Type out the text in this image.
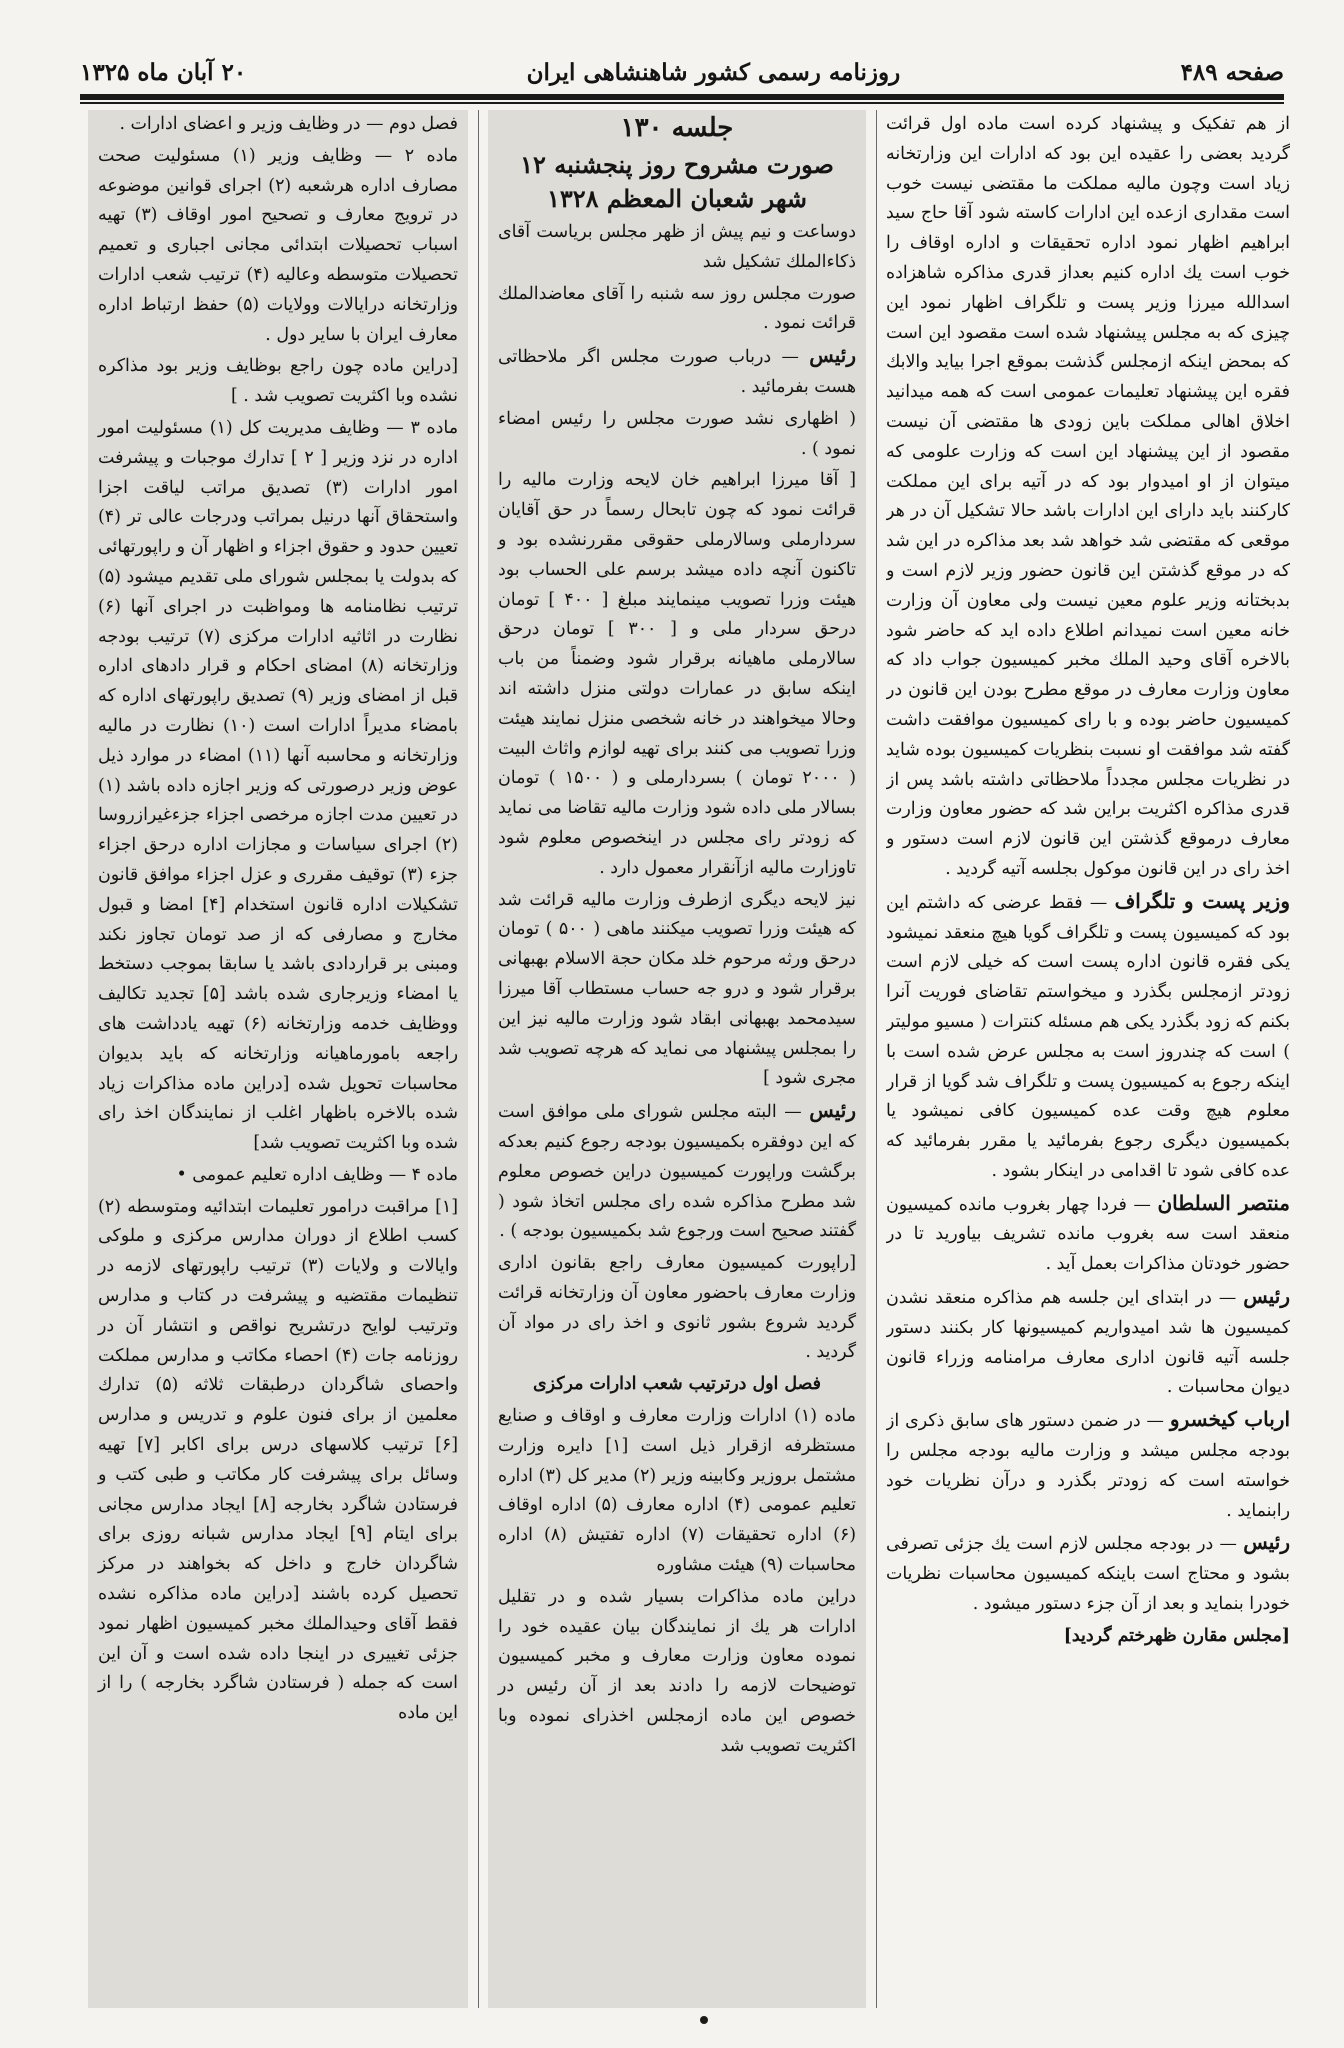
صفحه ۴۸۹
روزنامه رسمی کشور شاهنشاهی ایران
۲۰ آبان ماه ۱۳۲۵

از هم تفکیک و پیشنهاد کرده است ماده اول قرائت گردید بعضی را عقیده این بود که ادارات این وزارتخانه زیاد است وچون مالیه مملکت ما مقتضی نیست خوب است مقداری ازعده این ادارات کاسته شود آقا حاج سید ابراهیم اظهار نمود اداره تحقیقات و اداره اوقاف را خوب است یك اداره کنیم بعداز قدری مذاکره شاهزاده اسدالله میرزا وزیر پست و تلگراف اظهار نمود این چیزی که به مجلس پیشنهاد شده است مقصود این است که بمحض اینکه ازمجلس گذشت بموقع اجرا بیاید والابك فقره این پیشنهاد تعلیمات عمومی است که همه میدانید اخلاق اهالی مملکت باین زودی ها مقتضی آن نیست مقصود از این پیشنهاد این است که وزارت علومی که میتوان از او امیدوار بود که در آتیه برای این مملکت کارکنند باید دارای این ادارات باشد حالا تشکیل آن در هر موقعی که مقتضی شد خواهد شد بعد مذاکره در این شد که در موقع گذشتن این قانون حضور وزیر لازم است و بدبختانه وزیر علوم معین نیست ولی معاون آن وزارت خانه معین است نمیدانم اطلاع داده اید که حاضر شود بالاخره آقای وحید الملك مخبر کمیسیون جواب داد که معاون وزارت معارف در موقع مطرح بودن این قانون در کمیسیون حاضر بوده و با رای کمیسیون موافقت داشت گفته شد موافقت او نسبت بنظریات کمیسیون بوده شاید در نظریات مجلس مجدداً ملاحظاتی داشته باشد پس از قدری مذاکره اکثریت براین شد که حضور معاون وزارت معارف درموقع گذشتن این قانون لازم است دستور و اخذ رای در این قانون موکول بجلسه آتیه گردید .

وزیر پست و تلگراف — فقط عرضی که داشتم این بود که کمیسیون پست و تلگراف گویا هیچ منعقد نمیشود یکی فقره قانون اداره پست است که خیلی لازم است زودتر ازمجلس بگذرد و میخواستم تقاضای فوریت آنرا بکنم که زود بگذرد یکی هم مسئله کنترات ( مسیو مولیتر ) است که چندروز است به مجلس عرض شده است با اینکه رجوع به کمیسیون پست و تلگراف شد گویا از قرار معلوم هیچ وقت عده کمیسیون کافی نمیشود یا بکمیسیون دیگری رجوع بفرمائید یا مقرر بفرمائید که عده کافی شود تا اقدامی در اینکار بشود .

منتصر السلطان — فردا چهار بغروب مانده کمیسیون منعقد است سه بغروب مانده تشریف بیاورید تا در حضور خودتان مذاکرات بعمل آید .

رئیس — در ابتدای این جلسه هم مذاکره منعقد نشدن کمیسیون ها شد امیدواریم کمیسیونها کار بکنند دستور جلسه آتیه قانون اداری معارف مرامنامه وزراء قانون دیوان محاسبات .

ارباب کیخسرو — در ضمن دستور های سابق ذکری از بودجه مجلس میشد و وزارت مالیه بودجه مجلس را خواسته است که زودتر بگذرد و درآن نظریات خود رابنماید .

رئیس — در بودجه مجلس لازم است یك جزئی تصرفی بشود و محتاج است باینکه کمیسیون محاسبات نظریات خودرا بنماید و بعد از آن جزء دستور میشود .

[مجلس مقارن ظهرختم گردید]

جلسه ۱۳۰

صورت مشروح روز پنجشنبه ۱۲ شهر شعبان المعظم ۱۳۲۸

دوساعت و نیم پیش از ظهر مجلس بریاست آقای ذکاءالملك تشکیل شد

صورت مجلس روز سه شنبه را آقای معاضدالملك قرائت نمود .

رئیس — درباب صورت مجلس اگر ملاحظاتی هست بفرمائید .

( اظهاری نشد صورت مجلس را رئیس امضاء نمود ) .

[ آقا میرزا ابراهیم خان لایحه وزارت مالیه را قرائت نمود که چون تابحال رسماً در حق آقایان سردارملی وسالارملی حقوقی مقررنشده بود و تاکنون آنچه داده میشد برسم علی الحساب بود هیئت وزرا تصویب مینمایند مبلغ [ ۴۰۰ ] تومان درحق سردار ملی و [ ۳۰۰ ] تومان درحق سالارملی ماهیانه برقرار شود وضمناً من باب اینکه سابق در عمارات دولتی منزل داشته اند وحالا میخواهند در خانه شخصی منزل نمایند هیئت وزرا تصویب می کنند برای تهیه لوازم واثاث البیت ( ۲۰۰۰ تومان ) بسردارملی و ( ۱۵۰۰ ) تومان بسالار ملی داده شود وزارت مالیه تقاضا می نماید که زودتر رای مجلس در اینخصوص معلوم شود تاوزارت مالیه ازآنقرار معمول دارد .

نیز لایحه دیگری ازطرف وزارت مالیه قرائت شد که هیئت وزرا تصویب میکنند ماهی ( ۵۰۰ ) تومان درحق ورثه مرحوم خلد مکان حجة الاسلام بهبهانی برقرار شود و درو جه حساب مستطاب آقا میرزا سیدمحمد بهبهانی ابقاد شود وزارت مالیه نیز این را بمجلس پیشنهاد می نماید که هرچه تصویب شد مجری شود ]

رئیس — البته مجلس شورای ملی موافق است که این دوفقره بکمیسیون بودجه رجوع کنیم بعدکه برگشت وراپورت کمیسیون دراین خصوص معلوم شد مطرح مذاکره شده رای مجلس اتخاذ شود ( گفتند صحیح است ورجوع شد بکمیسیون بودجه ) .

[راپورت کمیسیون معارف راجع بقانون اداری وزارت معارف باحضور معاون آن وزارتخانه قرائت گردید شروع بشور ثانوی و اخذ رای در مواد آن گردید .

فصل اول درترتیب شعب ادارات مرکزی

ماده (۱) ادارات وزارت معارف و اوقاف و صنایع مستظرفه ازقرار ذیل است [۱] دایره وزارت مشتمل بروزیر وکابینه وزیر (۲) مدیر کل (۳) اداره تعلیم عمومی (۴) اداره معارف (۵) اداره اوقاف (۶) اداره تحقیقات (۷) اداره تفتیش (۸) اداره محاسبات (۹) هیئت مشاوره

دراین ماده مذاکرات بسیار شده و در تقلیل ادارات هر یك از نمایندگان بیان عقیده خود را نموده معاون وزارت معارف و مخبر کمیسیون توضیحات لازمه را دادند بعد از آن رئیس در خصوص این ماده ازمجلس اخذرای نموده وبا اکثریت تصویب شد

فصل دوم — در وظایف وزیر و اعضای ادارات .

ماده ۲ — وظایف وزیر (۱) مسئولیت صحت مصارف اداره هرشعبه (۲) اجرای قوانین موضوعه در ترویج معارف و تصحیح امور اوقاف (۳) تهیه اسباب تحصیلات ابتدائی مجانی اجباری و تعمیم تحصیلات متوسطه وعالیه (۴) ترتیب شعب ادارات وزارتخانه درایالات وولایات (۵) حفظ ارتباط اداره معارف ایران با سایر دول .

[دراین ماده چون راجع بوظایف وزیر بود مذاکره نشده وبا اکثریت تصویب شد . ]

ماده ۳ — وظایف مدیریت کل (۱) مسئولیت امور اداره در نزد وزیر [ ۲ ] تدارك موجبات و پیشرفت امور ادارات (۳) تصدیق مراتب لیاقت اجزا واستحقاق آنها درنیل بمراتب ودرجات عالی تر (۴) تعیین حدود و حقوق اجزاء و اظهار آن و راپورتهائی که بدولت یا بمجلس شورای ملی تقدیم میشود (۵) ترتیب نظامنامه ها ومواظبت در اجرای آنها (۶) نظارت در اثاثیه ادارات مرکزی (۷) ترتیب بودجه وزارتخانه (۸) امضای احکام و قرار دادهای اداره قبل از امضای وزیر (۹) تصدیق راپورتهای اداره که بامضاء مدیراً ادارات است (۱۰) نظارت در مالیه وزارتخانه و محاسبه آنها (۱۱) امضاء در موارد ذیل عوض وزیر درصورتی که وزیر اجازه داده باشد (۱) در تعیین مدت اجازه مرخصی اجزاء جزءغیرازروسا (۲) اجرای سیاسات و مجازات اداره درحق اجزاء جزء (۳) توقیف مقرری و عزل اجزاء موافق قانون تشکیلات اداره قانون استخدام [۴] امضا و قبول مخارج و مصارفی که از صد تومان تجاوز نکند ومبنی بر قراردادی باشد یا سابقا بموجب دستخط یا امضاء وزیرجاری شده باشد [۵] تجدید تکالیف ووظایف خدمه وزارتخانه (۶) تهیه یادداشت های راجعه بامورماهیانه وزارتخانه که باید بدیوان محاسبات تحویل شده [دراین ماده مذاکرات زیاد شده بالاخره باظهار اغلب از نمایندگان اخذ رای شده وبا اکثریت تصویب شد]

ماده ۴ — وظایف اداره تعلیم عمومی •

[۱] مراقبت درامور تعلیمات ابتدائیه ومتوسطه (۲) کسب اطلاع از دوران مدارس مرکزی و ملوکی وایالات و ولایات (۳) ترتیب راپورتهای لازمه در تنظیمات مقتضیه و پیشرفت در کتاب و مدارس وترتیب لوایح درتشریح نواقص و انتشار آن در روزنامه جات (۴) احصاء مکاتب و مدارس مملکت واحصای شاگردان درطبقات ثلاثه (۵) تدارك معلمین از برای فنون علوم و تدریس و مدارس [۶] ترتیب کلاسهای درس برای اکابر [۷] تهیه وسائل برای پیشرفت کار مکاتب و طبی کتب و فرستادن شاگرد بخارجه [۸] ایجاد مدارس مجانی برای ایتام [۹] ایجاد مدارس شبانه روزی برای شاگردان خارج و داخل که بخواهند در مرکز تحصیل کرده باشند [دراین ماده مذاکره نشده فقط آقای وحیدالملك مخبر کمیسیون اظهار نمود جزئی تغییری در اینجا داده شده است و آن این است که جمله ( فرستادن شاگرد بخارجه ) را از این ماده
